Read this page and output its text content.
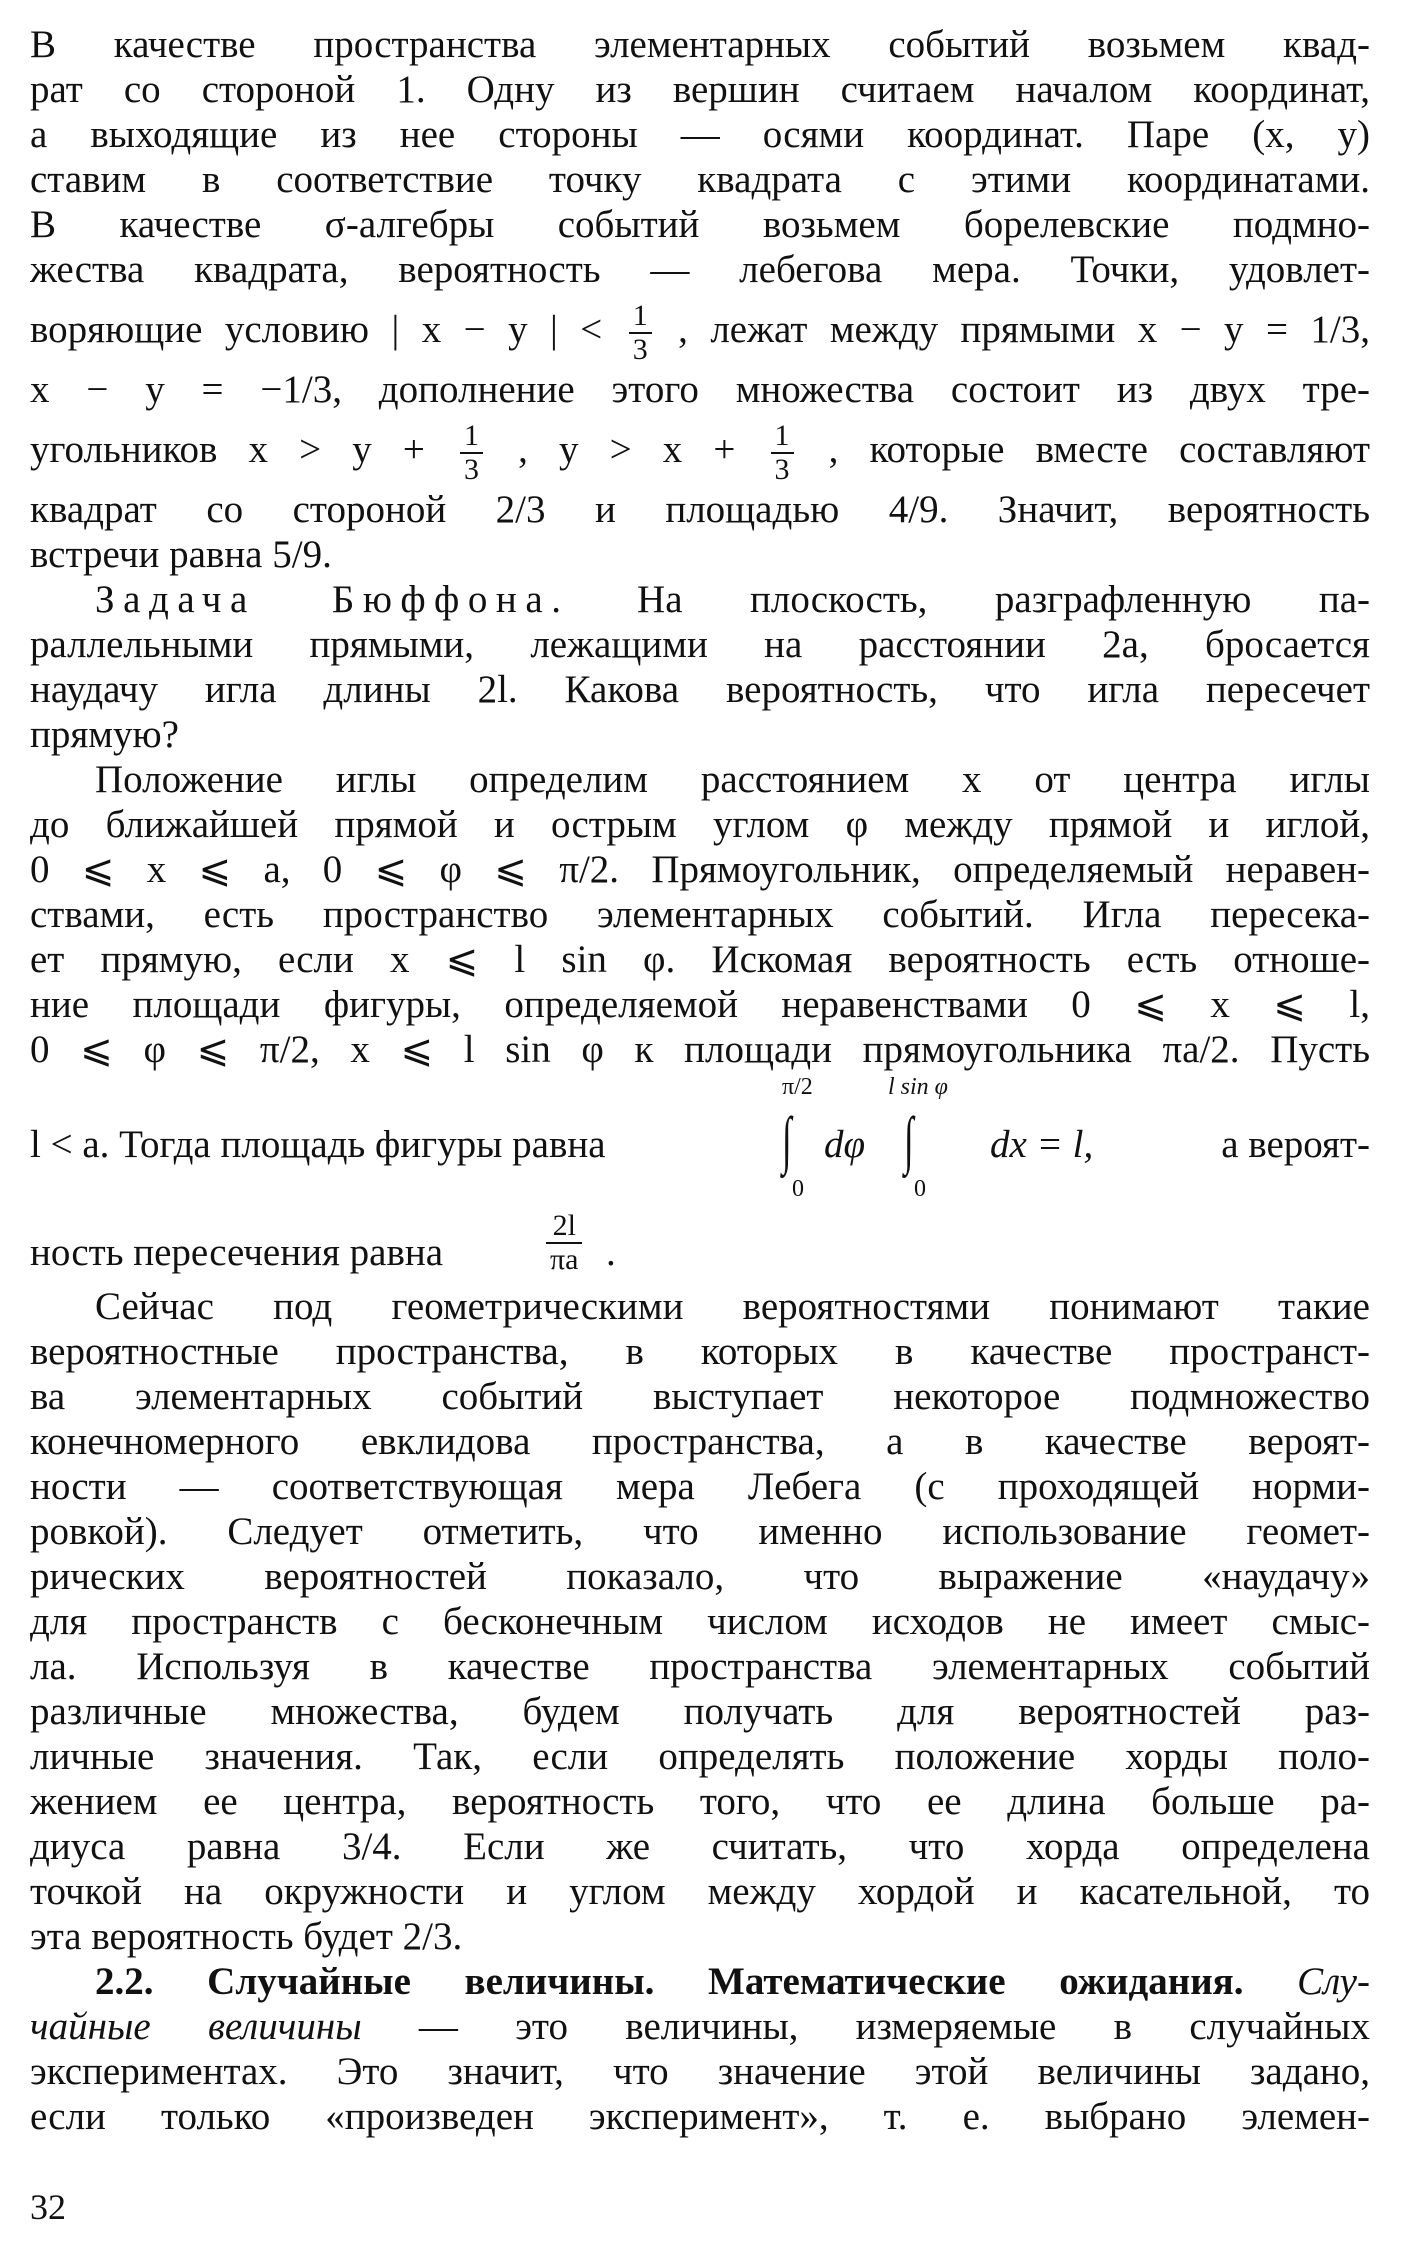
В качестве пространства элементарных событий возьмем квад-
рат со стороной 1. Одну из вершин считаем началом координат,
а выходящие из нее стороны — осями координат. Паре (x, y)
ставим в соответствие точку квадрата с этими координатами.
В качестве σ-алгебры событий возьмем борелевские подмно-
жества квадрата, вероятность — лебегова мера. Точки, удовлет-
воряющие условию | x − y | < $\frac{1}{3}$ , лежат между прямыми x − y = 1/3,
x − y = −1/3, дополнение этого множества состоит из двух тре-
угольников $x > y + \frac{1}{3}$ , $y > x + \frac{1}{3}$ , которые вместе составляют
квадрат со стороной 2/3 и площадью 4/9. Значит, вероятность
встречи равна 5/9.
Задача Бюффона. На плоскость, разграфленную па-
раллельными прямыми, лежащими на расстоянии 2a, бросается
наудачу игла длины 2l. Какова вероятность, что игла пересечет
прямую?
Положение иглы определим расстоянием x от центра иглы
до ближайшей прямой и острым углом φ между прямой и иглой,
0 ⩽ x ⩽ a, 0 ⩽ φ ⩽ π/2. Прямоугольник, определяемый неравен-
ствами, есть пространство элементарных событий. Игла пересека-
ет прямую, если x ⩽ l sin φ. Искомая вероятность есть отноше-
ние площади фигуры, определяемой неравенствами 0 ⩽ x ⩽ l,
0 ⩽ φ ⩽ π/2, x ⩽ l sin φ к площади прямоугольника πa/2. Пусть
l < a. Тогда площадь фигуры равна
π/2
∫
0
dφ
l sin φ
∫
0
dx = l,	а вероят-
ность пересечения равна	$\frac{2l}{\pi a}$ .
Сейчас под геометрическими вероятностями понимают такие
вероятностные пространства, в которых в качестве пространст-
ва элементарных событий выступает некоторое подмножество
конечномерного евклидова пространства, а в качестве вероят-
ности — соответствующая мера Лебега (с проходящей норми-
ровкой). Следует отметить, что именно использование геомет-
рических вероятностей показало, что выражение «наудачу»
для пространств с бесконечным числом исходов не имеет смыс-
ла. Используя в качестве пространства элементарных событий
различные множества, будем получать для вероятностей раз-
личные значения. Так, если определять положение хорды поло-
жением ее центра, вероятность того, что ее длина больше ра-
диуса равна 3/4. Если же считать, что хорда определена
точкой на окружности и углом между хордой и касательной, то
эта вероятность будет 2/3.
2.2. Случайные величины. Математические ожидания. Слу-
чайные величины — это величины, измеряемые в случайных
экспериментах. Это значит, что значение этой величины задано,
если только «произведен эксперимент», т. е. выбрано элемен-
32
